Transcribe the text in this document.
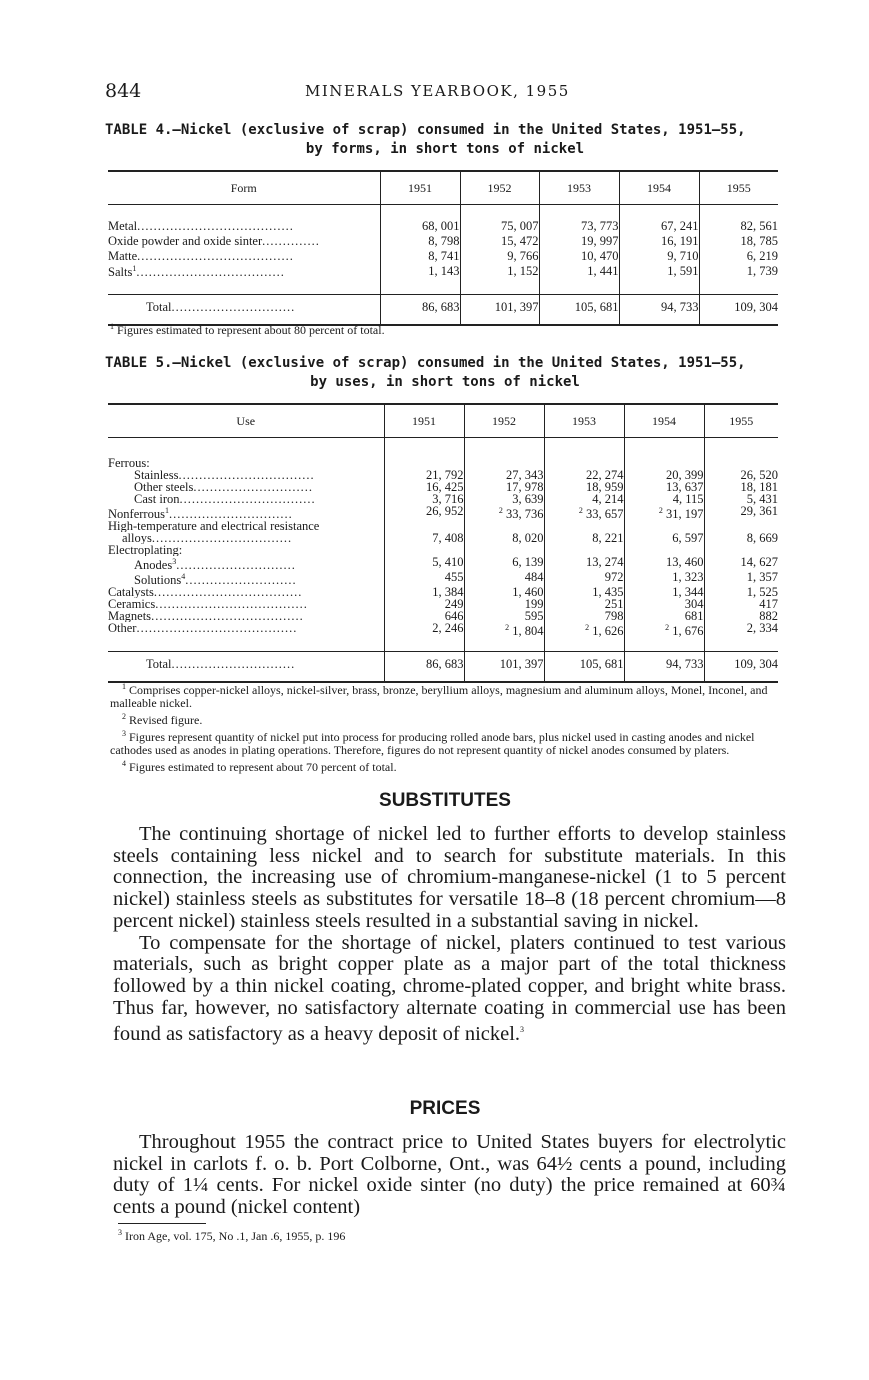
844	MINERALS YEARBOOK, 1955
TABLE 4.—Nickel (exclusive of scrap) consumed in the United States, 1951–55,
by forms, in short tons of nickel
Form	1951	1952	1953	1954	1955

Metal......................................	68, 001	75, 007	73, 773	67, 241	82, 561
Oxide powder and oxide sinter..............	8, 798	15, 472	19, 997	16, 191	18, 785
Matte......................................	8, 741	9, 766	10, 470	9, 710	6, 219
Salts$^1$....................................	1, 143	1, 152	1, 441	1, 591	1, 739

Total..............................	86, 683	101, 397	105, 681	94, 733	109, 304
$^1$ Figures estimated to represent about 80 percent of total.
TABLE 5.—Nickel (exclusive of scrap) consumed in the United States, 1951–55,
by uses, in short tons of nickel
Use	1951	1952	1953	1954	1955

Ferrous:					
Stainless.................................	21, 792	27, 343	22, 274	20, 399	26, 520
Other steels.............................	16, 425	17, 978	18, 959	13, 637	18, 181
Cast iron.................................	3, 716	3, 639	4, 214	4, 115	5, 431
Nonferrous$^1$..............................	26, 952	$^2$ 33, 736	$^2$ 33, 657	$^2$ 31, 197	29, 361
High-temperature and electrical resistance					
alloys..................................	7, 408	8, 020	8, 221	6, 597	8, 669
Electroplating:					
Anodes$^3$.............................	5, 410	6, 139	13, 274	13, 460	14, 627
Solutions$^4$...........................	455	484	972	1, 323	1, 357
Catalysts....................................	1, 384	1, 460	1, 435	1, 344	1, 525
Ceramics.....................................	249	199	251	304	417
Magnets.....................................	646	595	798	681	882
Other.......................................	2, 246	$^2$ 1, 804	$^2$ 1, 626	$^2$ 1, 676	2, 334

Total..............................	86, 683	101, 397	105, 681	94, 733	109, 304
$^1$ Comprises copper-nickel alloys, nickel-silver, brass, bronze, beryllium alloys, magnesium and aluminum alloys, Monel, Inconel, and malleable nickel.
$^2$ Revised figure.
$^3$ Figures represent quantity of nickel put into process for producing rolled anode bars, plus nickel used in casting anodes and nickel cathodes used as anodes in plating operations. Therefore, figures do not represent quantity of nickel anodes consumed by platers.
$^4$ Figures estimated to represent about 70 percent of total.
SUBSTITUTES

The continuing shortage of nickel led to further efforts to develop stainless steels containing less nickel and to search for substitute materials. In this connection, the increasing use of chromium-manganese-nickel (1 to 5 percent nickel) stainless steels as substitutes for versatile 18–8 (18 percent chromium—8 percent nickel) stainless steels resulted in a substantial saving in nickel.

To compensate for the shortage of nickel, platers continued to test various materials, such as bright copper plate as a major part of the total thickness followed by a thin nickel coating, chrome-plated copper, and bright white brass. Thus far, however, no satisfactory alternate coating in commercial use has been found as satisfactory as a heavy deposit of nickel.$^3$

PRICES

Throughout 1955 the contract price to United States buyers for electrolytic nickel in carlots f. o. b. Port Colborne, Ont., was 64½ cents a pound, including duty of 1¼ cents. For nickel oxide sinter (no duty) the price remained at 60¾ cents a pound (nickel content)

$^3$ Iron Age, vol. 175, No .1, Jan .6, 1955, p. 196
